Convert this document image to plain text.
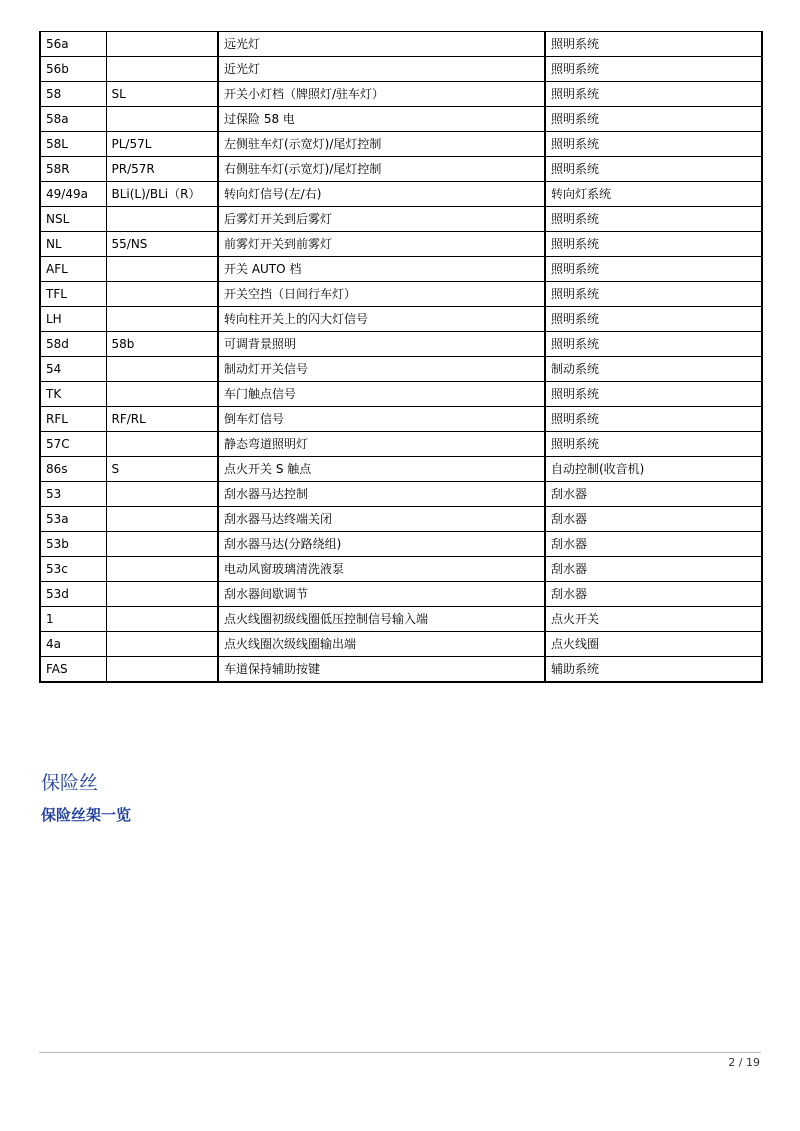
56a		远光灯	照明系统
56b		近光灯	照明系统
58	SL	开关小灯档（牌照灯/驻车灯）	照明系统
58a		过保险 58 电	照明系统
58L	PL/57L	左侧驻车灯(示宽灯)/尾灯控制	照明系统
58R	PR/57R	右侧驻车灯(示宽灯)/尾灯控制	照明系统
49/49a	BLi(L)/BLi（R）	转向灯信号(左/右)	转向灯系统
NSL		后雾灯开关到后雾灯	照明系统
NL	55/NS	前雾灯开关到前雾灯	照明系统
AFL		开关 AUTO 档	照明系统
TFL		开关空挡（日间行车灯）	照明系统
LH		转向柱开关上的闪大灯信号	照明系统
58d	58b	可调背景照明	照明系统
54		制动灯开关信号	制动系统
TK		车门触点信号	照明系统
RFL	RF/RL	倒车灯信号	照明系统
57C		静态弯道照明灯	照明系统
86s	S	点火开关 S 触点	自动控制(收音机)
53		刮水器马达控制	刮水器
53a		刮水器马达终端关闭	刮水器
53b		刮水器马达(分路绕组)	刮水器
53c		电动风窗玻璃清洗液泵	刮水器
53d		刮水器间歇调节	刮水器
1		点火线圈初级线圈低压控制信号输入端	点火开关
4a		点火线圈次级线圈输出端	点火线圈
FAS		车道保持辅助按键	辅助系统
保险丝
保险丝架一览
2 / 19
